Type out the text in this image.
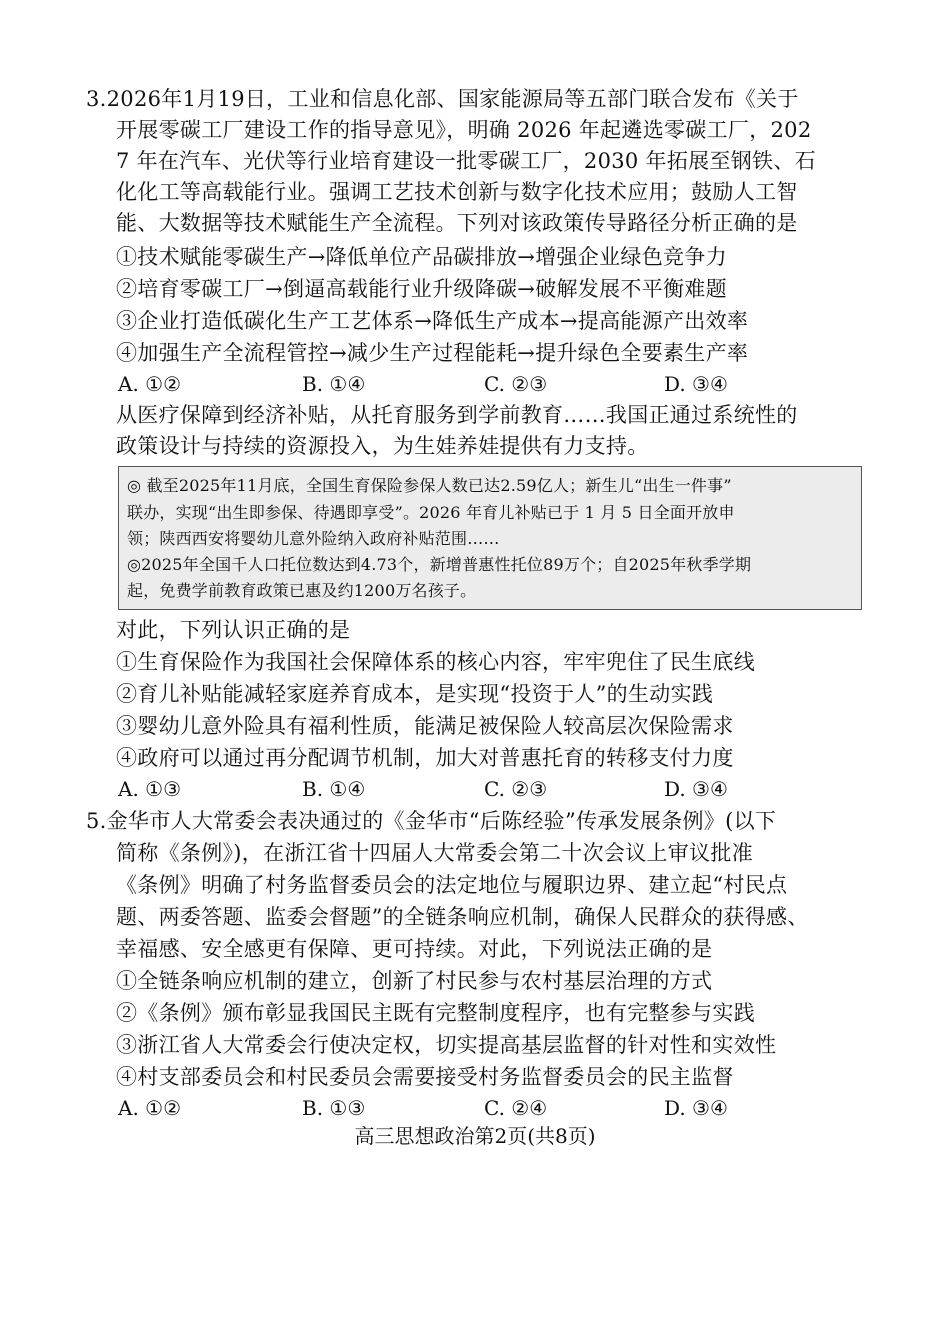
3.2026年1月19日，工业和信息化部、国家能源局等五部门联合发布《关于
开展零碳工厂建设工作的指导意见》，明确 2026 年起遴选零碳工厂，202
7 年在汽车、光伏等行业培育建设一批零碳工厂，2030 年拓展至钢铁、石
化化工等高载能行业。强调工艺技术创新与数字化技术应用；鼓励人工智
能、大数据等技术赋能生产全流程。下列对该政策传导路径分析正确的是
①技术赋能零碳生产→降低单位产品碳排放→增强企业绿色竞争力
②培育零碳工厂→倒逼高载能行业升级降碳→破解发展不平衡难题
③企业打造低碳化生产工艺体系→降低生产成本→提高能源产出效率
④加强生产全流程管控→减少生产过程能耗→提升绿色全要素生产率
A. ①②	B. ①④	C. ②③	D. ③④
从医疗保障到经济补贴，从托育服务到学前教育……我国正通过系统性的
政策设计与持续的资源投入，为生娃养娃提供有力支持。
◎ 截至2025年11月底，全国生育保险参保人数已达2.59亿人；新生儿“出生一件事”
联办，实现“出生即参保、待遇即享受”。2026 年育儿补贴已于 1 月 5 日全面开放申
领；陕西西安将婴幼儿意外险纳入政府补贴范围……
◎2025年全国千人口托位数达到4.73个，新增普惠性托位89万个；自2025年秋季学期
起，免费学前教育政策已惠及约1200万名孩子。
对此，下列认识正确的是
①生育保险作为我国社会保障体系的核心内容，牢牢兜住了民生底线
②育儿补贴能减轻家庭养育成本，是实现“投资于人”的生动实践
③婴幼儿意外险具有福利性质，能满足被保险人较高层次保险需求
④政府可以通过再分配调节机制，加大对普惠托育的转移支付力度
A. ①③	B. ①④	C. ②③	D. ③④
5.金华市人大常委会表决通过的《金华市“后陈经验”传承发展条例》(以下
简称《条例》)，在浙江省十四届人大常委会第二十次会议上审议批准
《条例》明确了村务监督委员会的法定地位与履职边界、建立起“村民点
题、两委答题、监委会督题”的全链条响应机制，确保人民群众的获得感、
幸福感、安全感更有保障、更可持续。对此，下列说法正确的是
①全链条响应机制的建立，创新了村民参与农村基层治理的方式
②《条例》颁布彰显我国民主既有完整制度程序，也有完整参与实践
③浙江省人大常委会行使决定权，切实提高基层监督的针对性和实效性
④村支部委员会和村民委员会需要接受村务监督委员会的民主监督
A. ①②	B. ①③	C. ②④	D. ③④
高三思想政治第2页(共8页)
